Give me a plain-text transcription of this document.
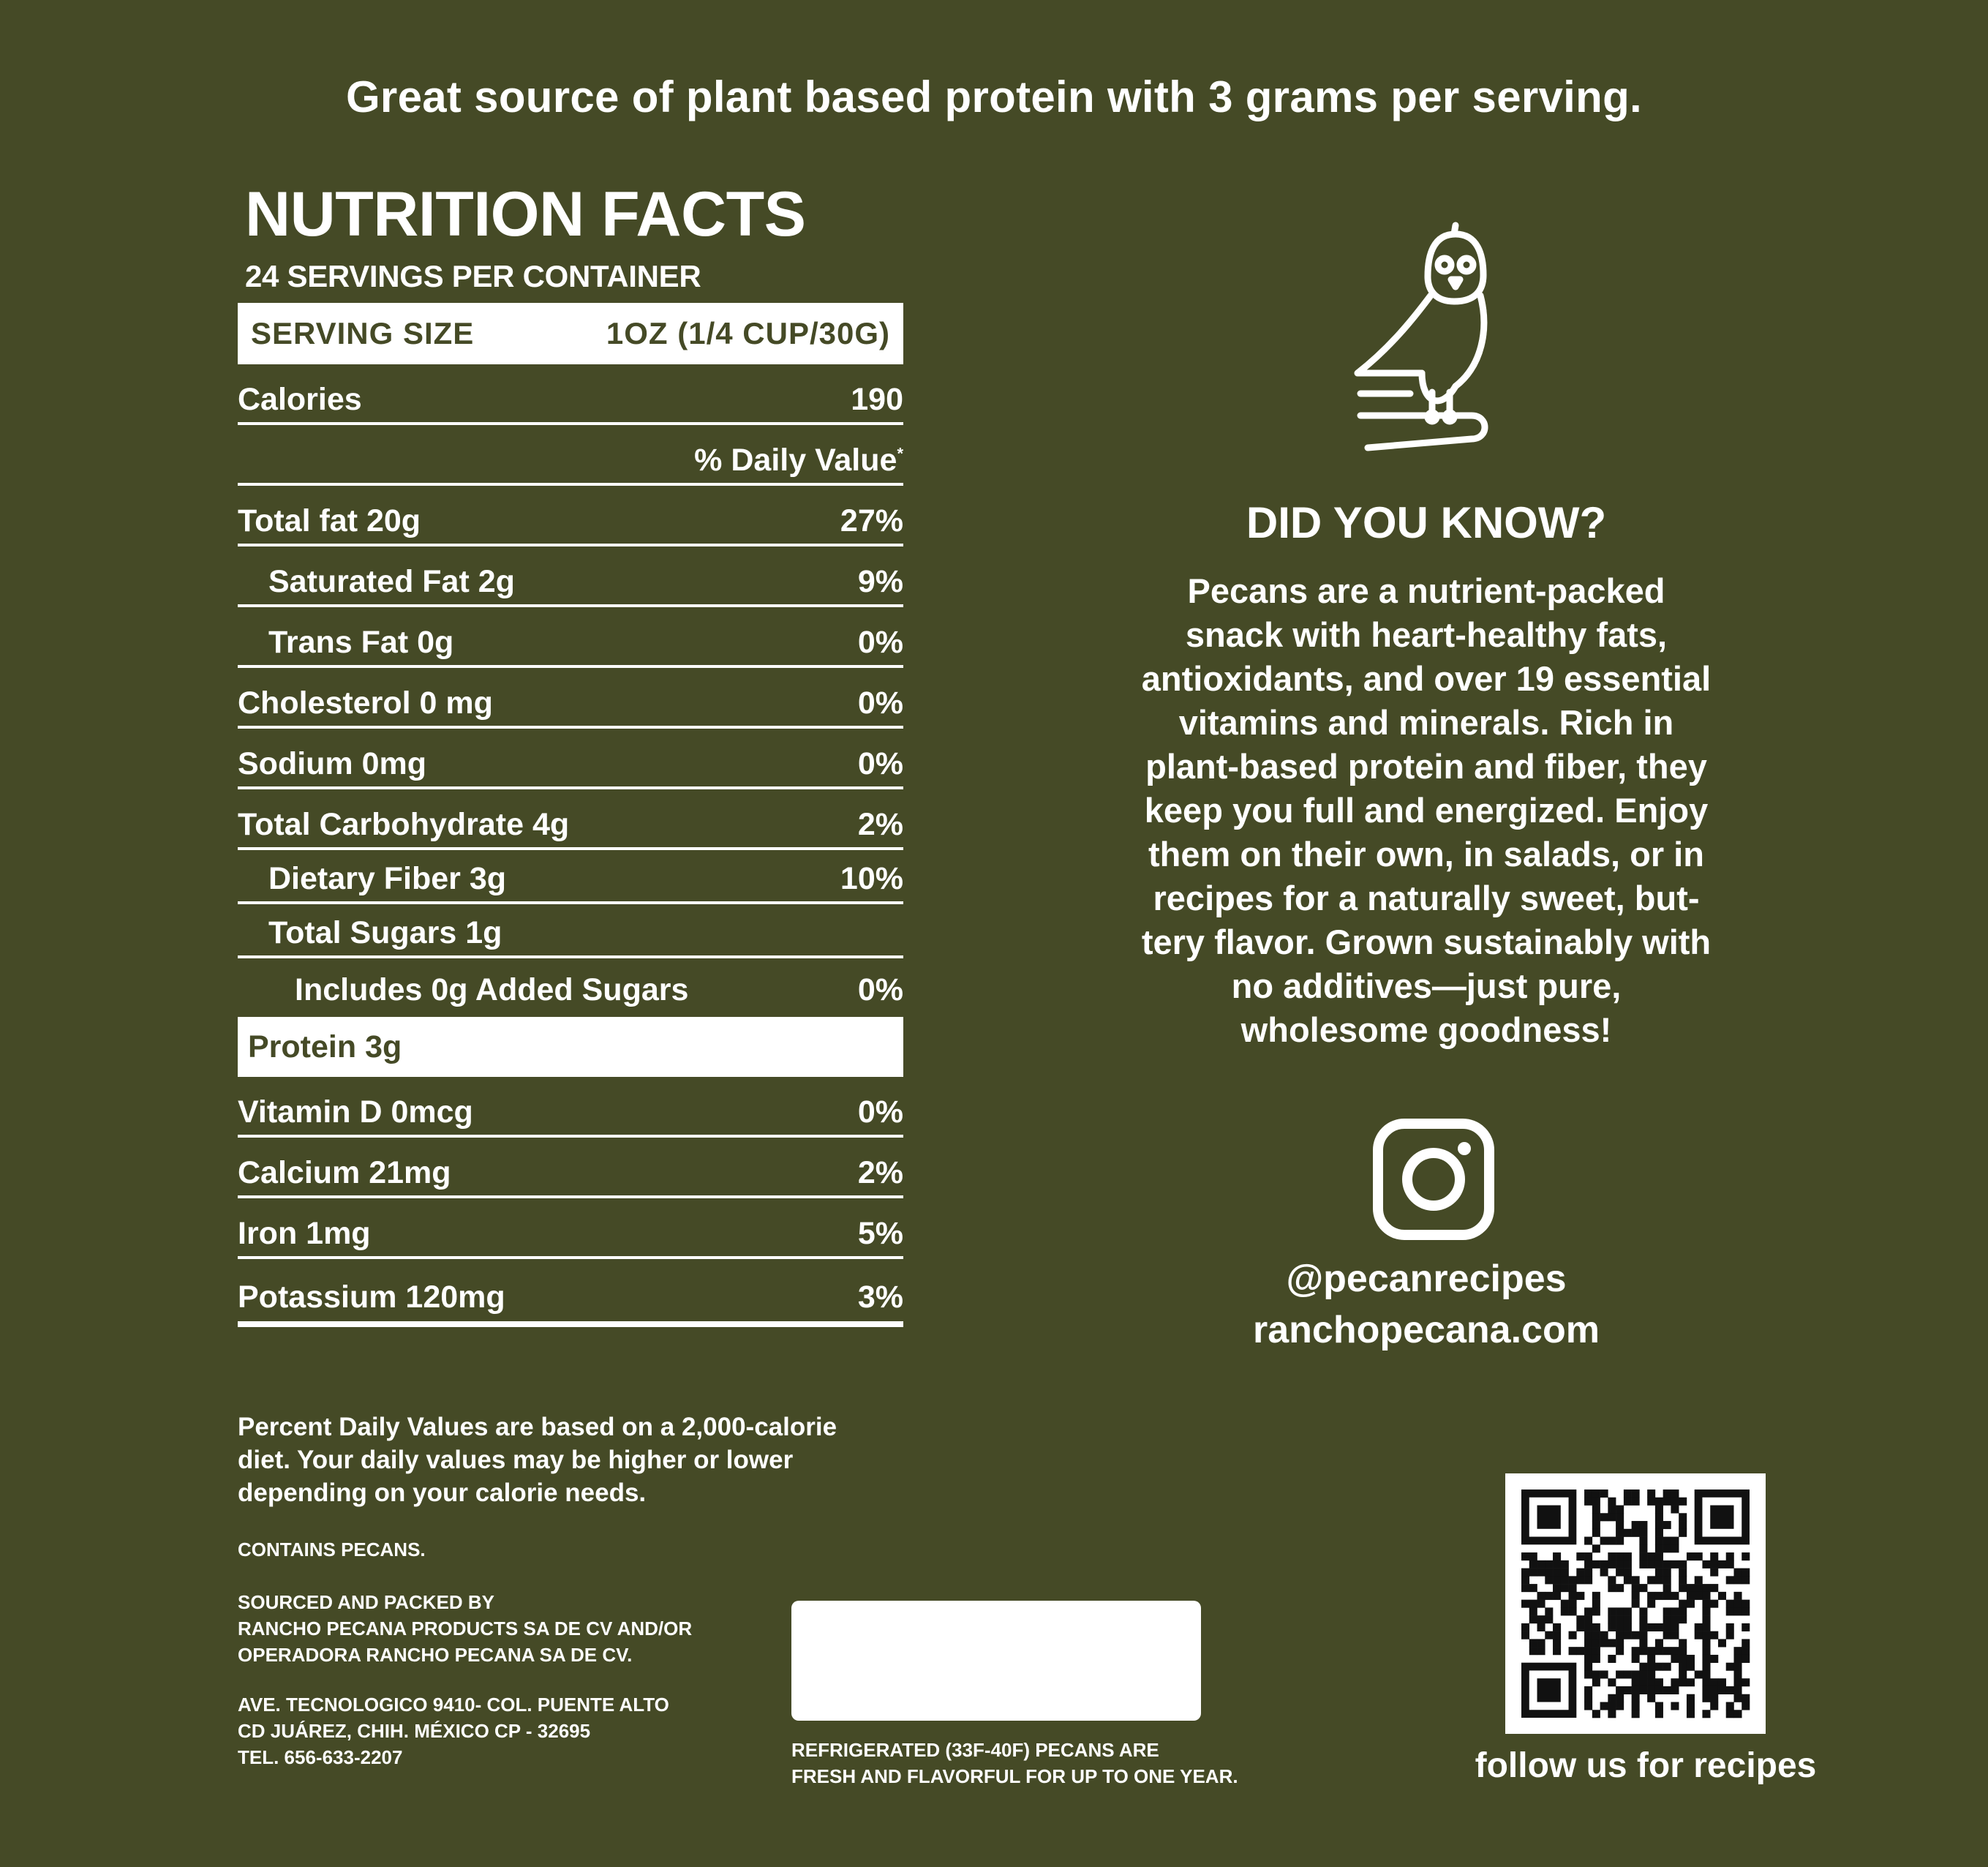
Great source of plant based protein with 3 grams per serving.
NUTRITION FACTS
24 SERVINGS PER CONTAINER
SERVING SIZE	1OZ (1/4 CUP/30G)
Calories	190
% Daily Value*
Total fat 20g	27%
Saturated Fat 2g	9%
Trans Fat 0g	0%
Cholesterol 0 mg	0%
Sodium 0mg	0%
Total Carbohydrate 4g	2%
Dietary Fiber 3g	10%
Total Sugars 1g
Includes 0g Added Sugars	0%
Protein 3g
Vitamin D 0mcg	0%
Calcium 21mg	2%
Iron 1mg	5%
Potassium 120mg	3%
Percent Daily Values are based on a 2,000-calorie diet. Your daily values may be higher or lower depending on your calorie needs.
CONTAINS PECANS.
SOURCED AND PACKED BY
RANCHO PECANA PRODUCTS SA DE CV AND/OR
OPERADORA RANCHO PECANA SA DE CV.
AVE. TECNOLOGICO 9410- COL. PUENTE ALTO
CD JUÁREZ, CHIH. MÉXICO CP - 32695
TEL. 656-633-2207	REFRIGERATED (33F-40F) PECANS ARE
FRESH AND FLAVORFUL FOR UP TO ONE YEAR.
DID YOU KNOW?
Pecans are a nutrient-packed
snack with heart-healthy fats,
antioxidants, and over 19 essential
vitamins and minerals. Rich in
plant-based protein and fiber, they
keep you full and energized. Enjoy
them on their own, in salads, or in
recipes for a naturally sweet, but-
tery flavor. Grown sustainably with
no additives—just pure,
wholesome goodness!
@pecanrecipes
ranchopecana.com
follow us for recipes
